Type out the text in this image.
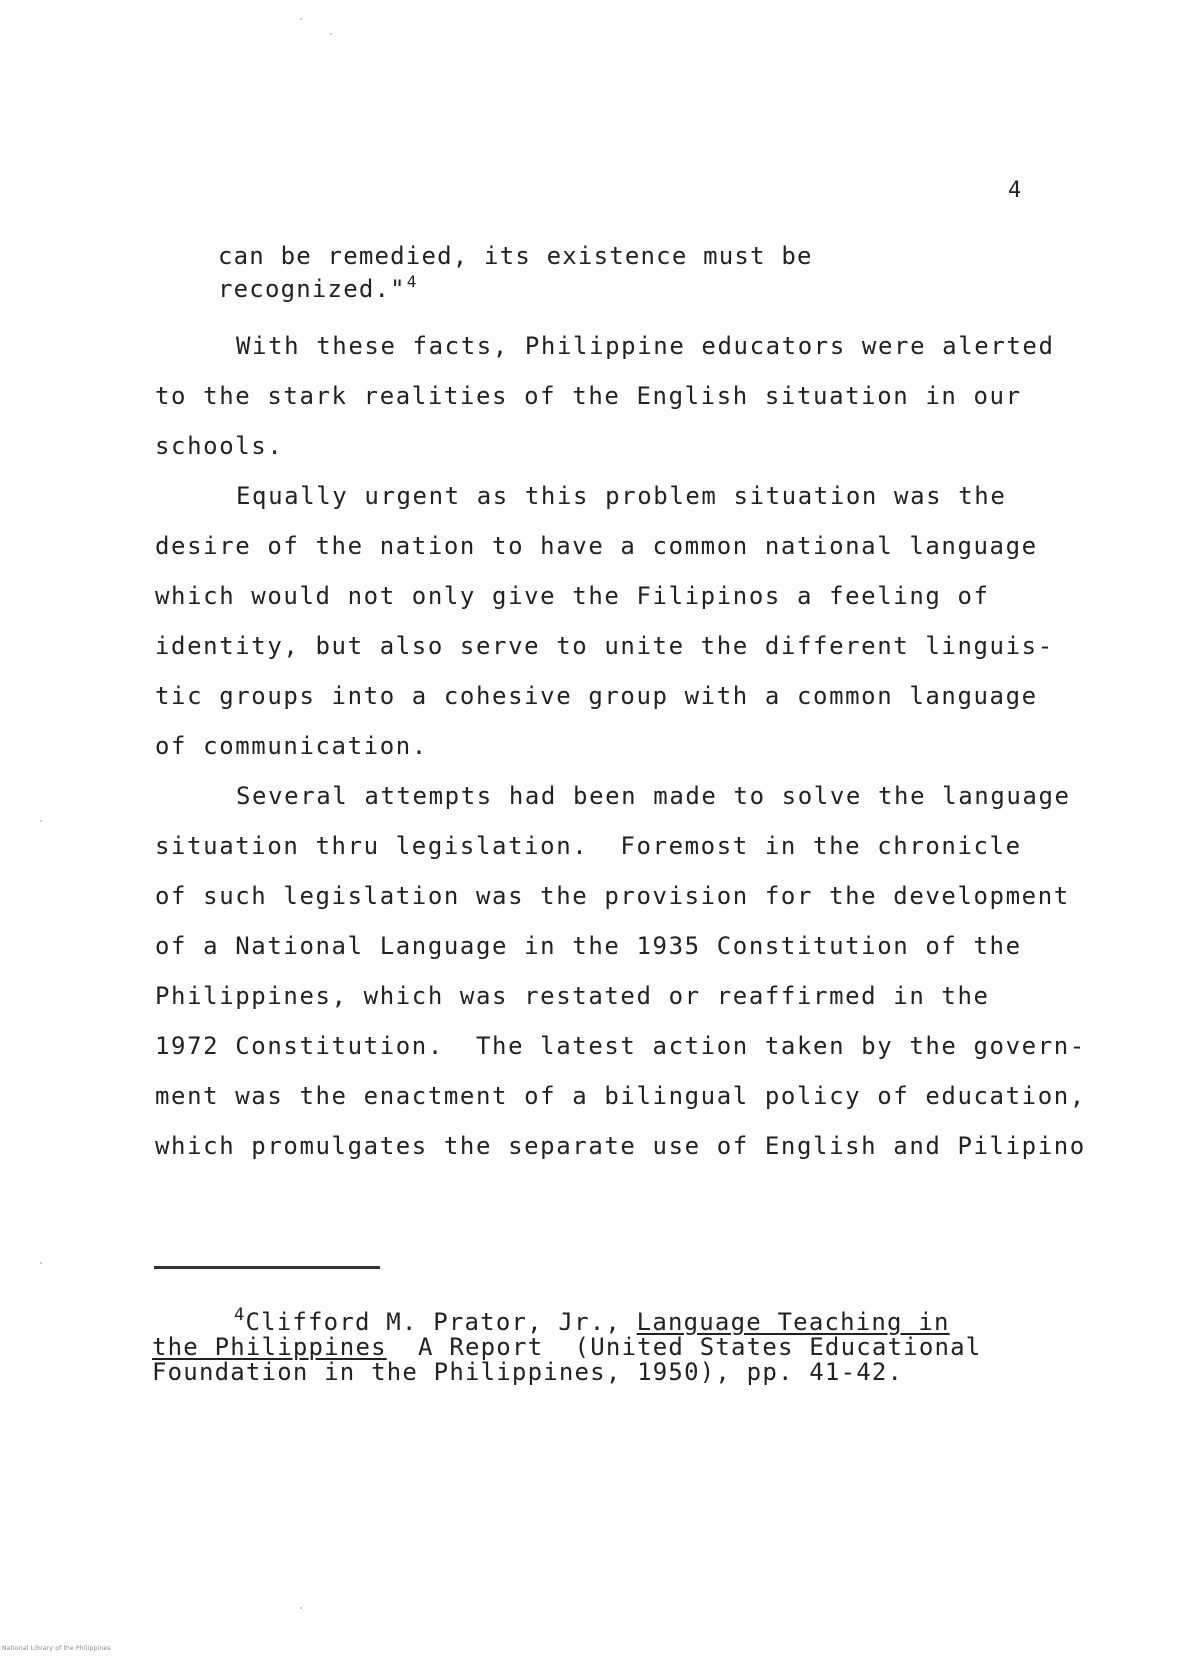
4
can be remedied, its existence must be
recognized."$^4$
With these facts, Philippine educators were alerted
to the stark realities of the English situation in our
schools.
Equally urgent as this problem situation was the
desire of the nation to have a common national language
which would not only give the Filipinos a feeling of
identity, but also serve to unite the different linguis-
tic groups into a cohesive group with a common language
of communication.
Several attempts had been made to solve the language
situation thru legislation.  Foremost in the chronicle
of such legislation was the provision for the development
of a National Language in the 1935 Constitution of the
Philippines, which was restated or reaffirmed in the
1972 Constitution.  The latest action taken by the govern-
ment was the enactment of a bilingual policy of education,
which promulgates the separate use of English and Pilipino
$^4$Clifford M. Prator, Jr., Language Teaching in
the Philippines  A Report  (United States Educational
Foundation in the Philippines, 1950), pp. 41-42.
National Library of the Philippines
